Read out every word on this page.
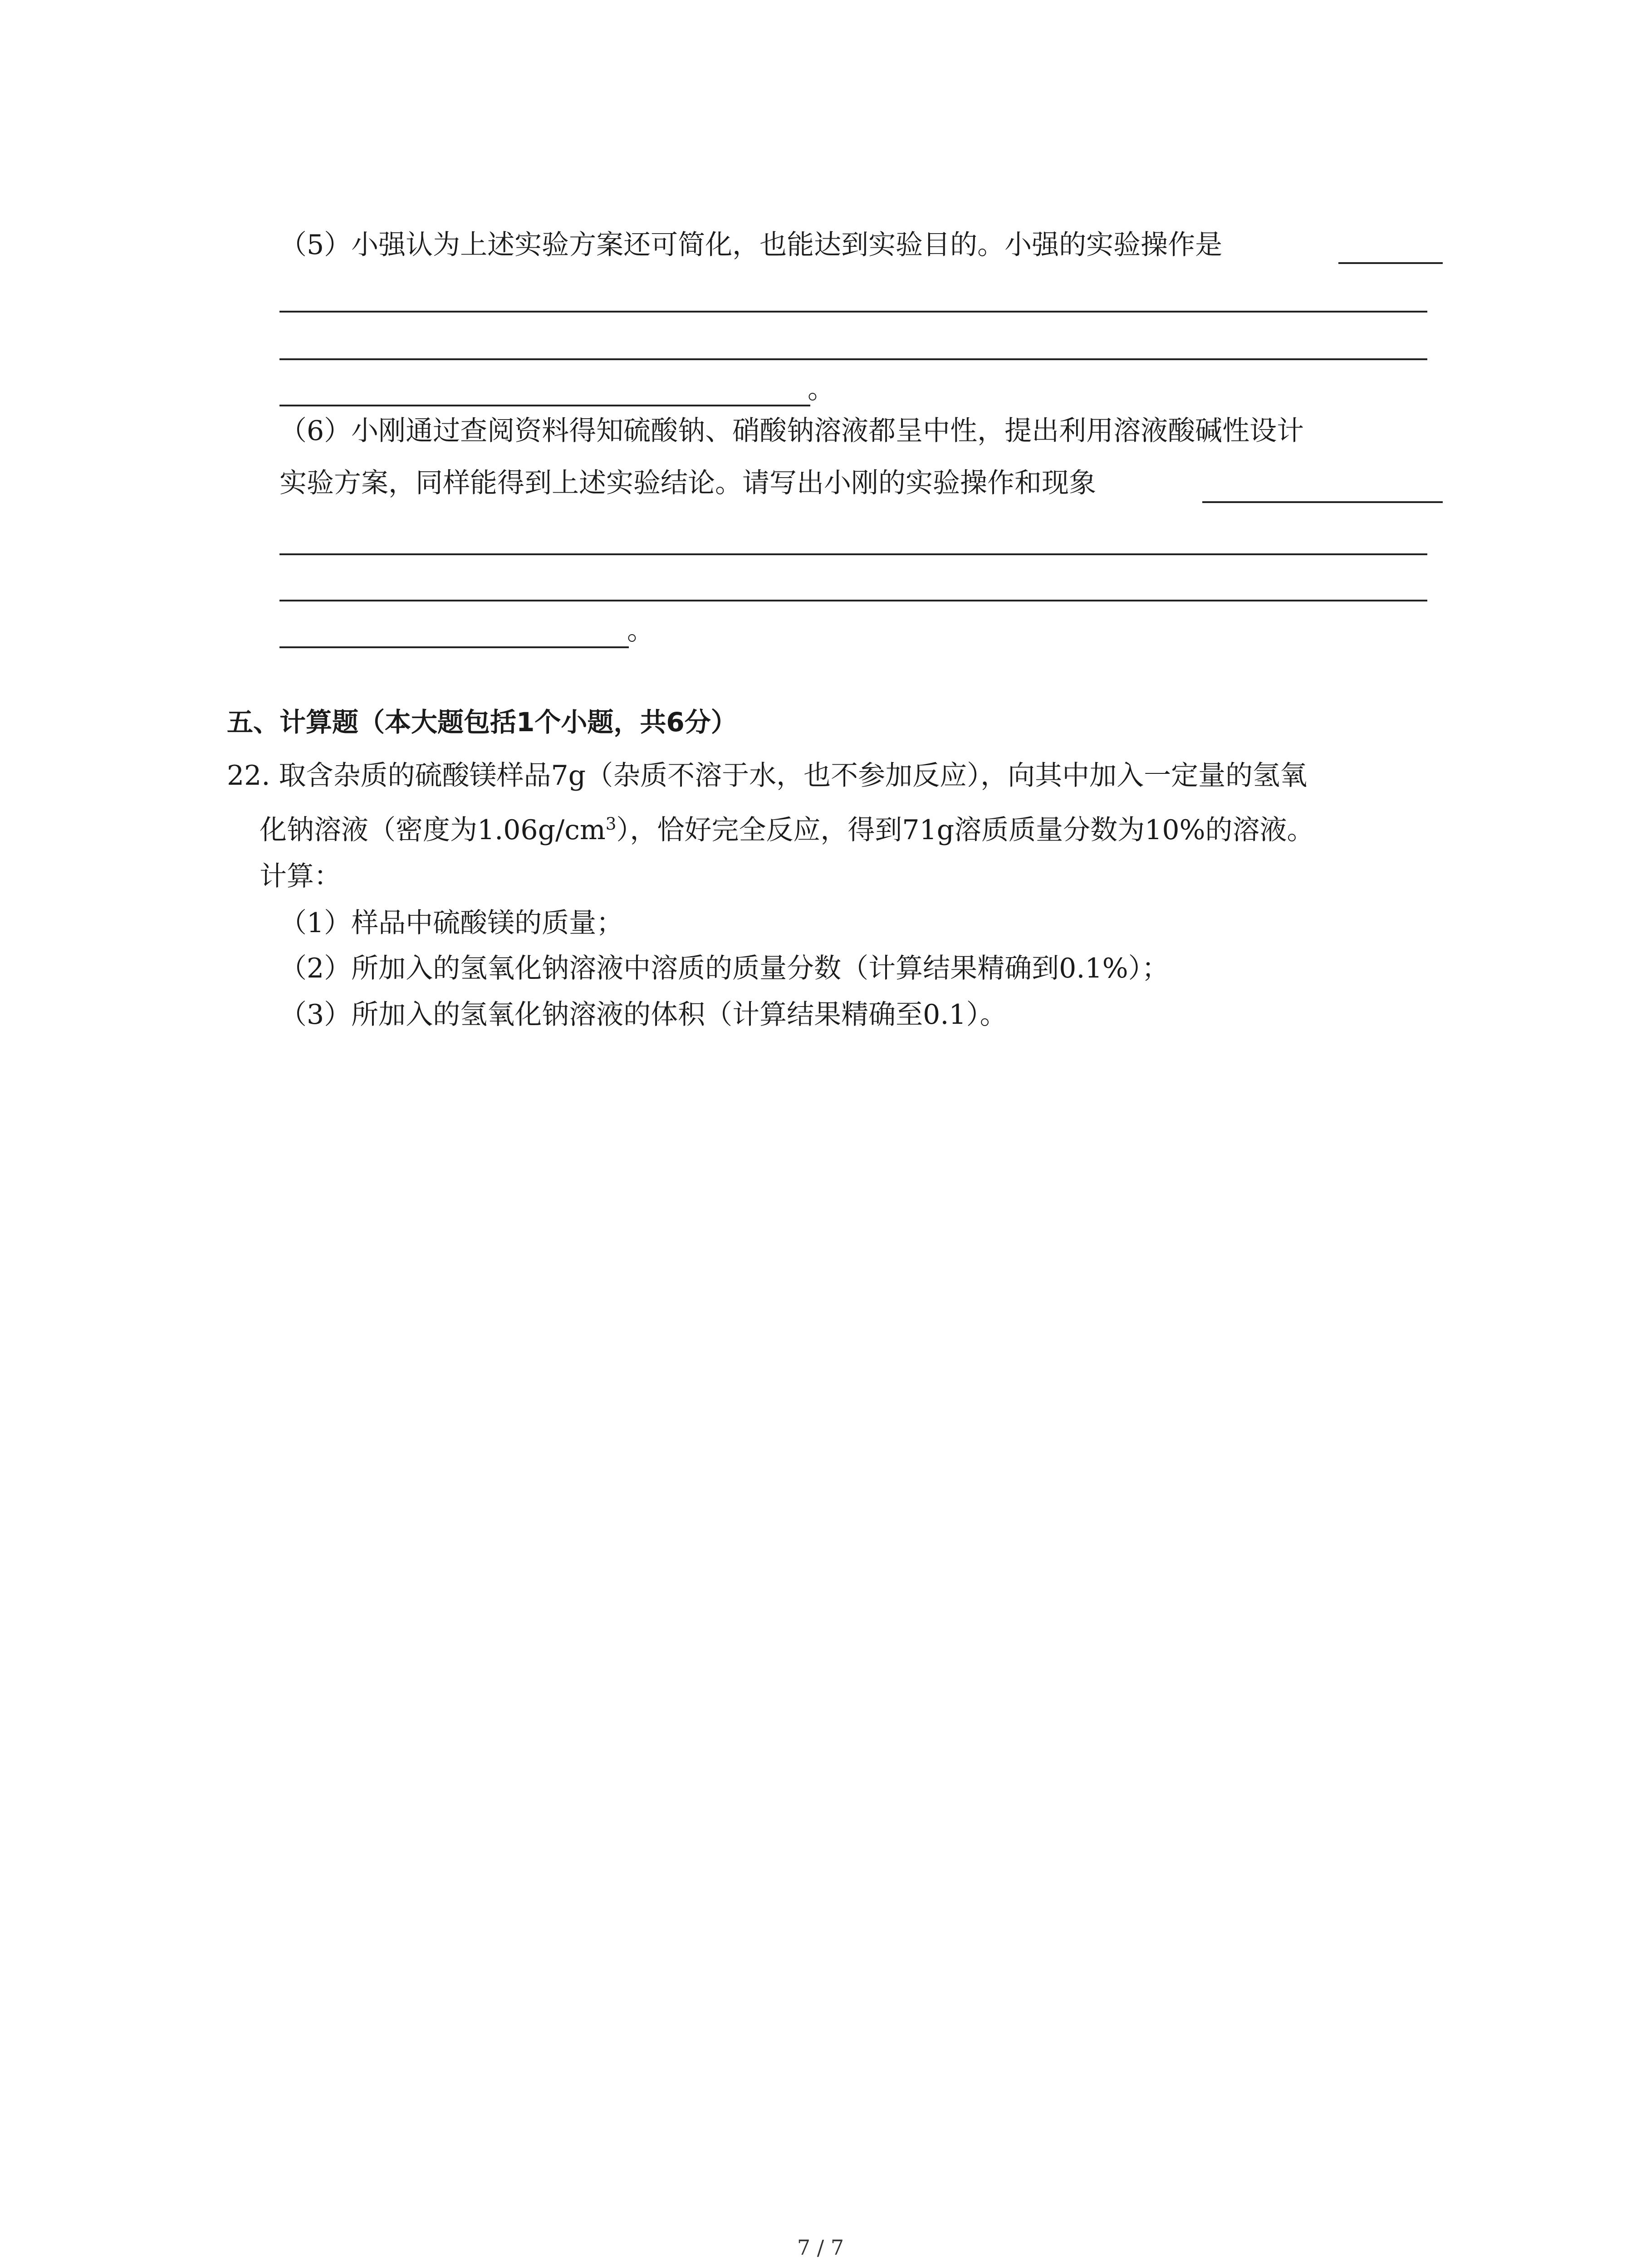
（5）小强认为上述实验方案还可简化，也能达到实验目的。小强的实验操作是
。
（6）小刚通过查阅资料得知硫酸钠、硝酸钠溶液都呈中性，提出利用溶液酸碱性设计
实验方案，同样能得到上述实验结论。请写出小刚的实验操作和现象
。
五、计算题（本大题包括1个小题，共6分）
22. 取含杂质的硫酸镁样品7g（杂质不溶于水，也不参加反应），向其中加入一定量的氢氧
化钠溶液（密度为$1.06g/cm^3$），恰好完全反应，得到71g溶质质量分数为10%的溶液。
计算：
（1）样品中硫酸镁的质量；
（2）所加入的氢氧化钠溶液中溶质的质量分数（计算结果精确到0.1%）；
（3）所加入的氢氧化钠溶液的体积（计算结果精确至0.1）。
7 / 7
